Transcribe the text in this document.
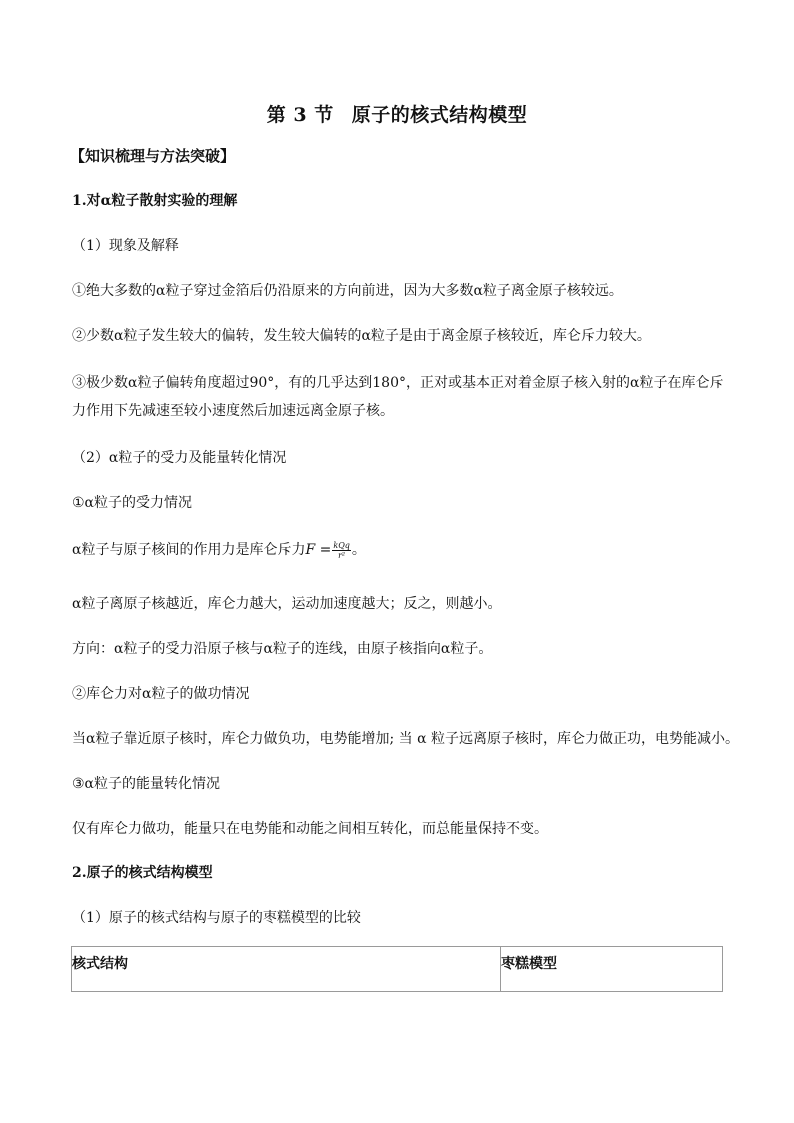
第 3 节 原子的核式结构模型
【知识梳理与方法突破】
1.对α粒子散射实验的理解
（1）现象及解释
①绝大多数的α粒子穿过金箔后仍沿原来的方向前进，因为大多数α粒子离金原子核较远。
②少数α粒子发生较大的偏转，发生较大偏转的α粒子是由于离金原子核较近，库仑斥力较大。
③极少数α粒子偏转角度超过90°，有的几乎达到180°，正对或基本正对着金原子核入射的α粒子在库仑斥力作用下先减速至较小速度然后加速远离金原子核。
（2）α粒子的受力及能量转化情况
①α粒子的受力情况
α粒子与原子核间的作用力是库仑斥力$F = \frac{\text{kQq}}{\text{r²}}$ 。
α粒子离原子核越近，库仑力越大，运动加速度越大；反之，则越小。
方向：α粒子的受力沿原子核与α粒子的连线，由原子核指向α粒子。
②库仑力对α粒子的做功情况
当α粒子靠近原子核时，库仑力做负功，电势能增加; 当 α 粒子远离原子核时，库仑力做正功，电势能减小。
③α粒子的能量转化情况
仅有库仑力做功，能量只在电势能和动能之间相互转化，而总能量保持不变。
2.原子的核式结构模型
（1）原子的核式结构与原子的枣糕模型的比较
核式结构	枣糕模型
